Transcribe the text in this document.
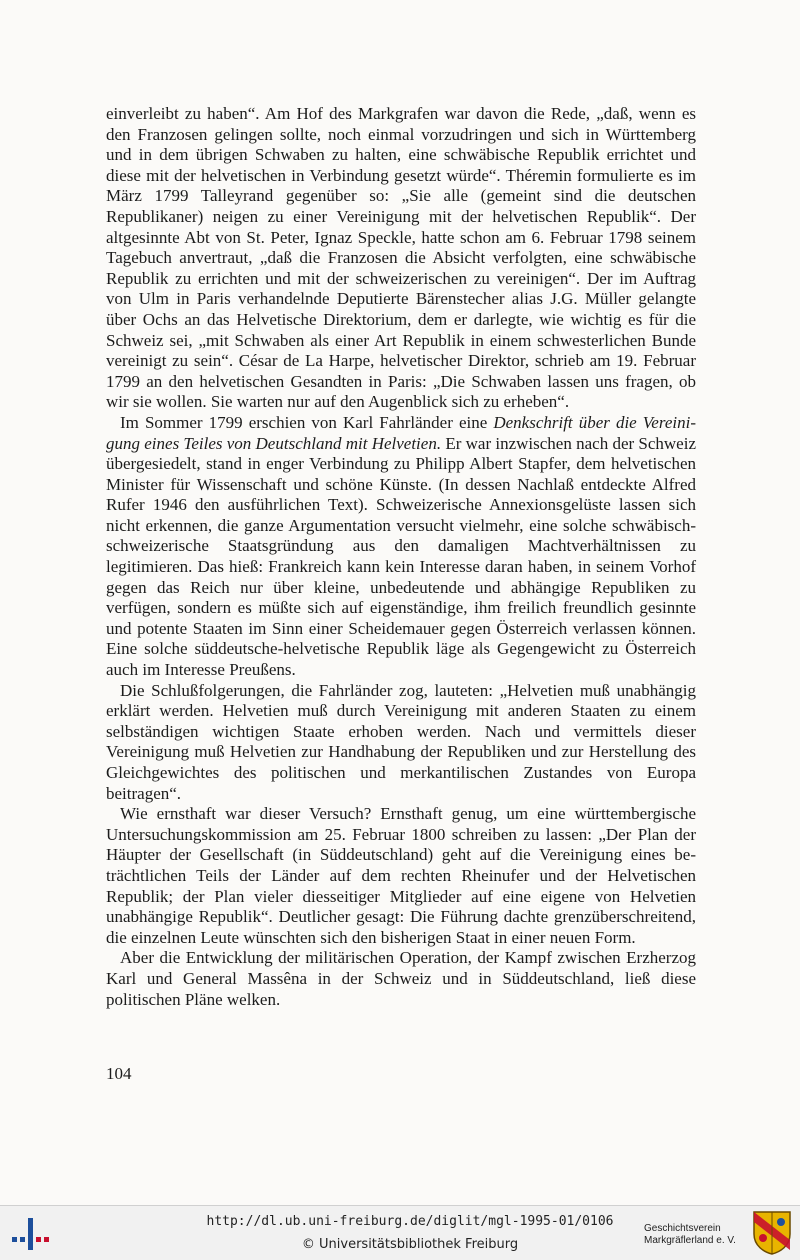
einverleibt zu haben“. Am Hof des Markgrafen war davon die Rede, „daß, wenn es den Franzosen gelingen sollte, noch einmal vorzudringen und sich in Württemberg und in dem übrigen Schwaben zu halten, eine schwäbische Republik errichtet und diese mit der helvetischen in Verbindung gesetzt würde“. Théremin formulierte es im März 1799 Talleyrand gegenüber so: „Sie alle (gemeint sind die deutschen Republikaner) neigen zu einer Vereinigung mit der helvetischen Republik“. Der altgesinnte Abt von St. Peter, Ignaz Speckle, hatte schon am 6. Februar 1798 seinem Tagebuch anvertraut, „daß die Franzosen die Absicht verfolgten, eine schwäbische Republik zu errichten und mit der schweizerischen zu vereinigen“. Der im Auftrag von Ulm in Paris verhandelnde Deputierte Bärenstecher alias J.G. Müller gelangte über Ochs an das Helvetische Direktorium, dem er darlegte, wie wichtig es für die Schweiz sei, „mit Schwaben als einer Art Republik in einem schwesterlichen Bunde vereinigt zu sein“. César de La Harpe, helvetischer Direktor, schrieb am 19. Februar 1799 an den helvetischen Gesandten in Paris: „Die Schwaben lassen uns fragen, ob wir sie wollen. Sie warten nur auf den Augenblick sich zu erheben“.

Im Sommer 1799 erschien von Karl Fahrländer eine Denkschrift über die Vereinigung eines Teiles von Deutschland mit Helvetien. Er war inzwischen nach der Schweiz übergesiedelt, stand in enger Verbindung zu Philipp Albert Stapfer, dem helvetischen Minister für Wissenschaft und schöne Künste. (In dessen Nachlaß entdeckte Alfred Rufer 1946 den ausführlichen Text). Schweizerische Annexionsgelüste lassen sich nicht erkennen, die ganze Argumentation versucht vielmehr, eine solche schwäbisch-schweizerische Staatsgründung aus den damaligen Machtverhältnissen zu legitimieren. Das hieß: Frankreich kann kein Interesse daran haben, in seinem Vorhof gegen das Reich nur über kleine, unbedeutende und abhängige Republiken zu verfügen, sondern es müßte sich auf eigenständige, ihm freilich freundlich gesinnte und potente Staaten im Sinn einer Scheidemauer gegen Österreich verlassen können. Eine solche süddeutsche-helvetische Republik läge als Gegengewicht zu Österreich auch im Interesse Preußens.

Die Schlußfolgerungen, die Fahrländer zog, lauteten: „Helvetien muß unabhängig erklärt werden. Helvetien muß durch Vereinigung mit anderen Staaten zu einem selbständigen wichtigen Staate erhoben werden. Nach und vermittels dieser Vereinigung muß Helvetien zur Handhabung der Republiken und zur Herstellung des Gleichgewichtes des politischen und merkantilischen Zustandes von Europa beitragen“.

Wie ernsthaft war dieser Versuch? Ernsthaft genug, um eine württembergische Untersuchungskommission am 25. Februar 1800 schreiben zu lassen: „Der Plan der Häupter der Gesellschaft (in Süddeutschland) geht auf die Vereinigung eines beträchtlichen Teils der Länder auf dem rechten Rheinufer und der Helvetischen Republik; der Plan vieler diesseitiger Mitglieder auf eine eigene von Helvetien unabhängige Republik“. Deutlicher gesagt: Die Führung dachte grenzüberschreitend, die einzelnen Leute wünschten sich den bisherigen Staat in einer neuen Form.

Aber die Entwicklung der militärischen Operation, der Kampf zwischen Erzherzog Karl und General Massêna in der Schweiz und in Süddeutschland, ließ diese politischen Pläne welken.

104
http://dl.ub.uni-freiburg.de/diglit/mgl-1995-01/0106
© Universitätsbibliothek Freiburg
Geschichtsverein
Markgräflerland e. V.
